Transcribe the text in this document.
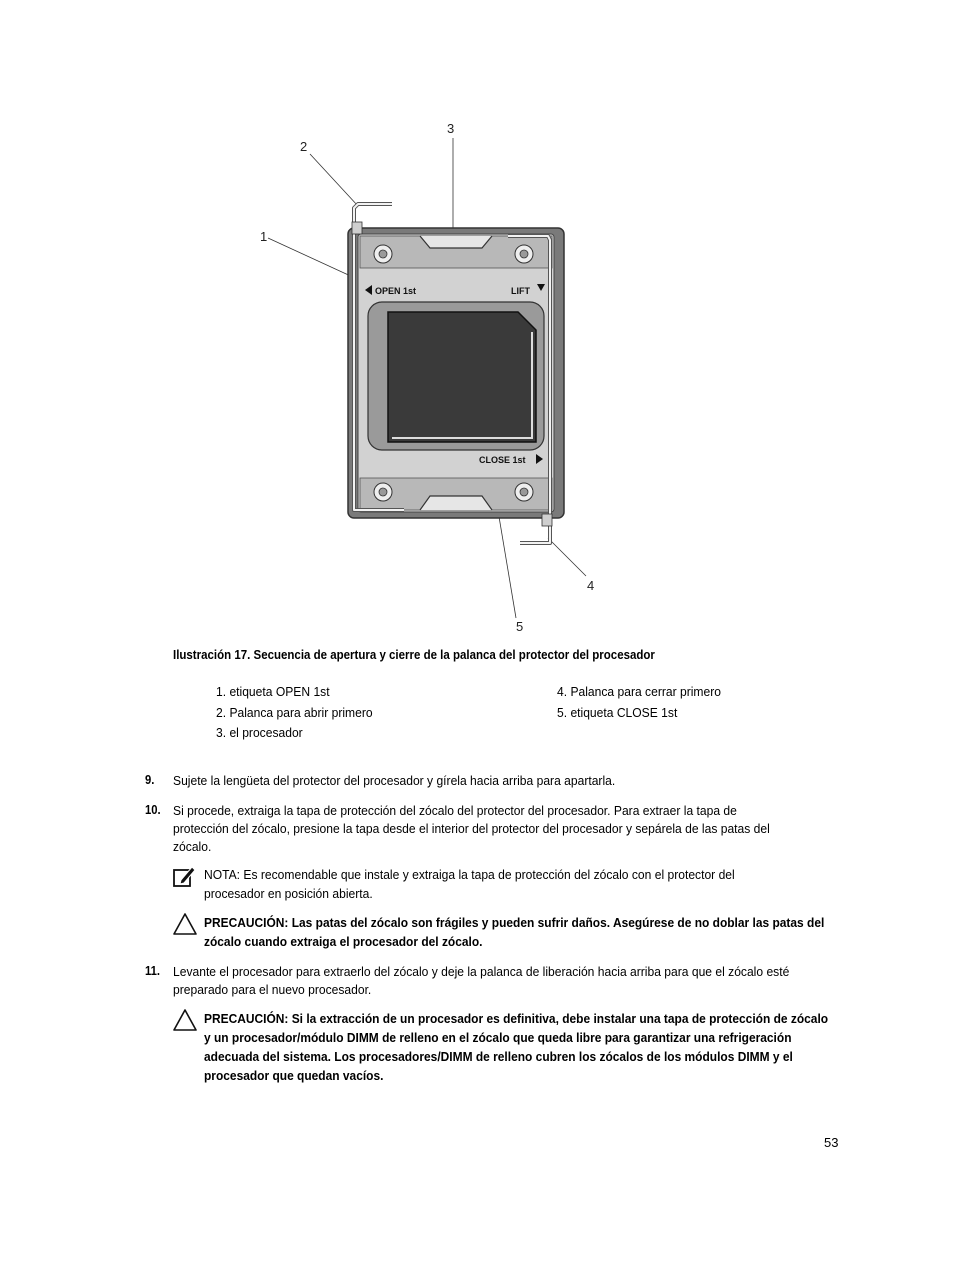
1
2
3
4
5
OPEN 1st	LIFT
CLOSE 1st
Ilustración 17. Secuencia de apertura y cierre de la palanca del protector del procesador
1. etiqueta OPEN 1st
2. Palanca para abrir primero
3. el procesador
4. Palanca para cerrar primero
5. etiqueta CLOSE 1st
9. Sujete la lengüeta del protector del procesador y gírela hacia arriba para apartarla.
10. Si procede, extraiga la tapa de protección del zócalo del protector del procesador. Para extraer la tapa de
protección del zócalo, presione la tapa desde el interior del protector del procesador y sepárela de las patas del
zócalo.
NOTA: Es recomendable que instale y extraiga la tapa de protección del zócalo con el protector del
procesador en posición abierta.
PRECAUCIÓN: Las patas del zócalo son frágiles y pueden sufrir daños. Asegúrese de no doblar las patas del
zócalo cuando extraiga el procesador del zócalo.
11. Levante el procesador para extraerlo del zócalo y deje la palanca de liberación hacia arriba para que el zócalo esté
preparado para el nuevo procesador.
PRECAUCIÓN: Si la extracción de un procesador es definitiva, debe instalar una tapa de protección de zócalo
y un procesador/módulo DIMM de relleno en el zócalo que queda libre para garantizar una refrigeración
adecuada del sistema. Los procesadores/DIMM de relleno cubren los zócalos de los módulos DIMM y el
procesador que quedan vacíos.
53
